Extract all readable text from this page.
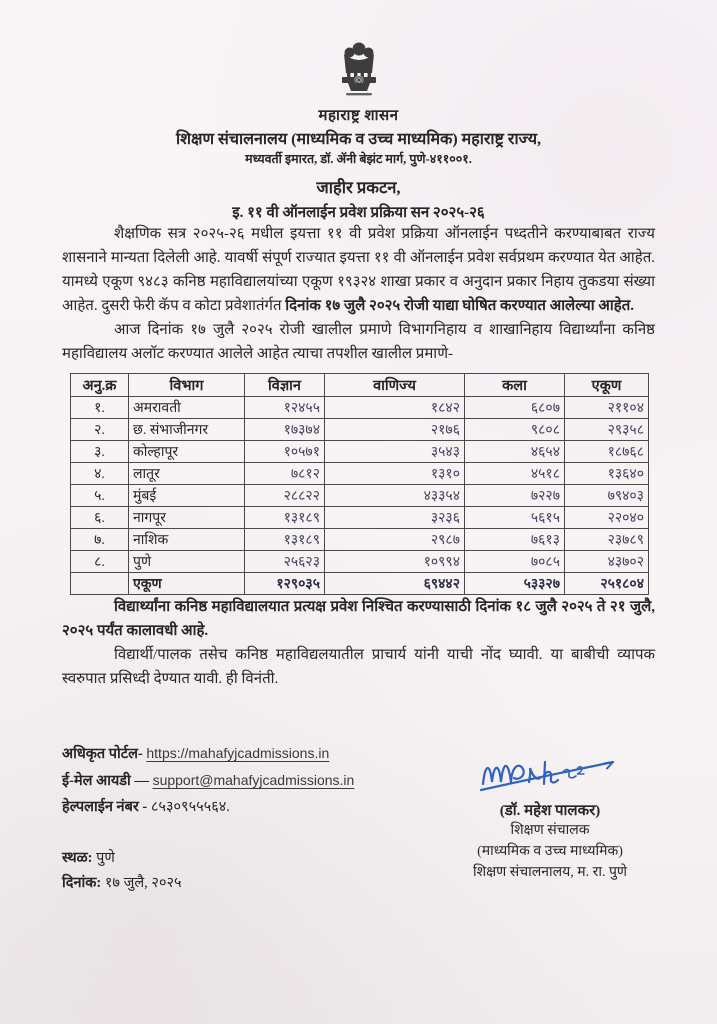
महाराष्ट्र शासन
शिक्षण संचालनालय (माध्यमिक व उच्च माध्यमिक) महाराष्ट्र राज्य,
मध्यवर्ती इमारत, डॉ. ॲनी बेझंट मार्ग, पुणे-४११००१.
जाहीर प्रकटन,
इ. ११ वी ऑनलाईन प्रवेश प्रक्रिया सन २०२५-२६

शैक्षणिक सत्र २०२५-२६ मधील इयत्ता ११ वी प्रवेश प्रक्रिया ऑनलाईन पध्दतीने करण्याबाबत राज्य शासनाने मान्यता दिलेली आहे. यावर्षी संपूर्ण राज्यात इयत्ता ११ वी ऑनलाईन प्रवेश सर्वप्रथम करण्यात येत आहेत. यामध्ये एकूण ९४८३ कनिष्ठ महाविद्यालयांच्या एकूण १९३२४ शाखा प्रकार व अनुदान प्रकार निहाय तुकडया संख्या आहेत. दुसरी फेरी कॅप व कोटा प्रवेशातंर्गत दिनांक १७ जुलै २०२५ रोजी याद्या घोषित करण्यात आलेल्या आहेत.

आज दिनांक १७ जुलै २०२५ रोजी खालील प्रमाणे विभागनिहाय व शाखानिहाय विद्यार्थ्यांना कनिष्ठ महाविद्यालय अलॉट करण्यात आलेले आहेत त्याचा तपशील खालील प्रमाणे-

अनु.क्र	विभाग	विज्ञान	वाणिज्य	कला	एकूण
१.	अमरावती	१२४५५	१८४२	६८०७	२११०४
२.	छ. संभाजीनगर	१७३७४	२१७६	९८०८	२९३५८
३.	कोल्हापूर	१०५७१	३५४३	४६५४	१८७६८
४.	लातूर	७८१२	१३१०	४५१८	१३६४०
५.	मुंबई	२८८२२	४३३५४	७२२७	७९४०३
६.	नागपूर	१३१८९	३२३६	५६१५	२२०४०
७.	नाशिक	१३१८९	२९८७	७६१३	२३७८९
८.	पुणे	२५६२३	१०९९४	७०८५	४३७०२
	एकूण	१२९०३५	६९४४२	५३३२७	२५१८०४

विद्यार्थ्यांना कनिष्ठ महाविद्यालयात प्रत्यक्ष प्रवेश निश्चित करण्यासाठी दिनांक १८ जुलै २०२५ ते २१ जुलै, २०२५ पर्यंत कालावधी आहे.

विद्यार्थी/पालक तसेच कनिष्ठ महाविद्यलयातील प्राचार्य यांनी याची नोंद घ्यावी. या बाबीची व्यापक स्वरुपात प्रसिध्दी देण्यात यावी. ही विनंती.

अधिकृत पोर्टल- https://mahafyjcadmissions.in
ई-मेल आयडी — support@mahafyjcadmissions.in
हेल्पलाईन नंबर - ८५३०९५५५६४.	(डॉ. महेश पालकर)
शिक्षण संचालक
(माध्यमिक व उच्च माध्यमिक)
शिक्षण संचालनालय, म. रा. पुणे
स्थळ: पुणे
दिनांक: १७ जुलै, २०२५
